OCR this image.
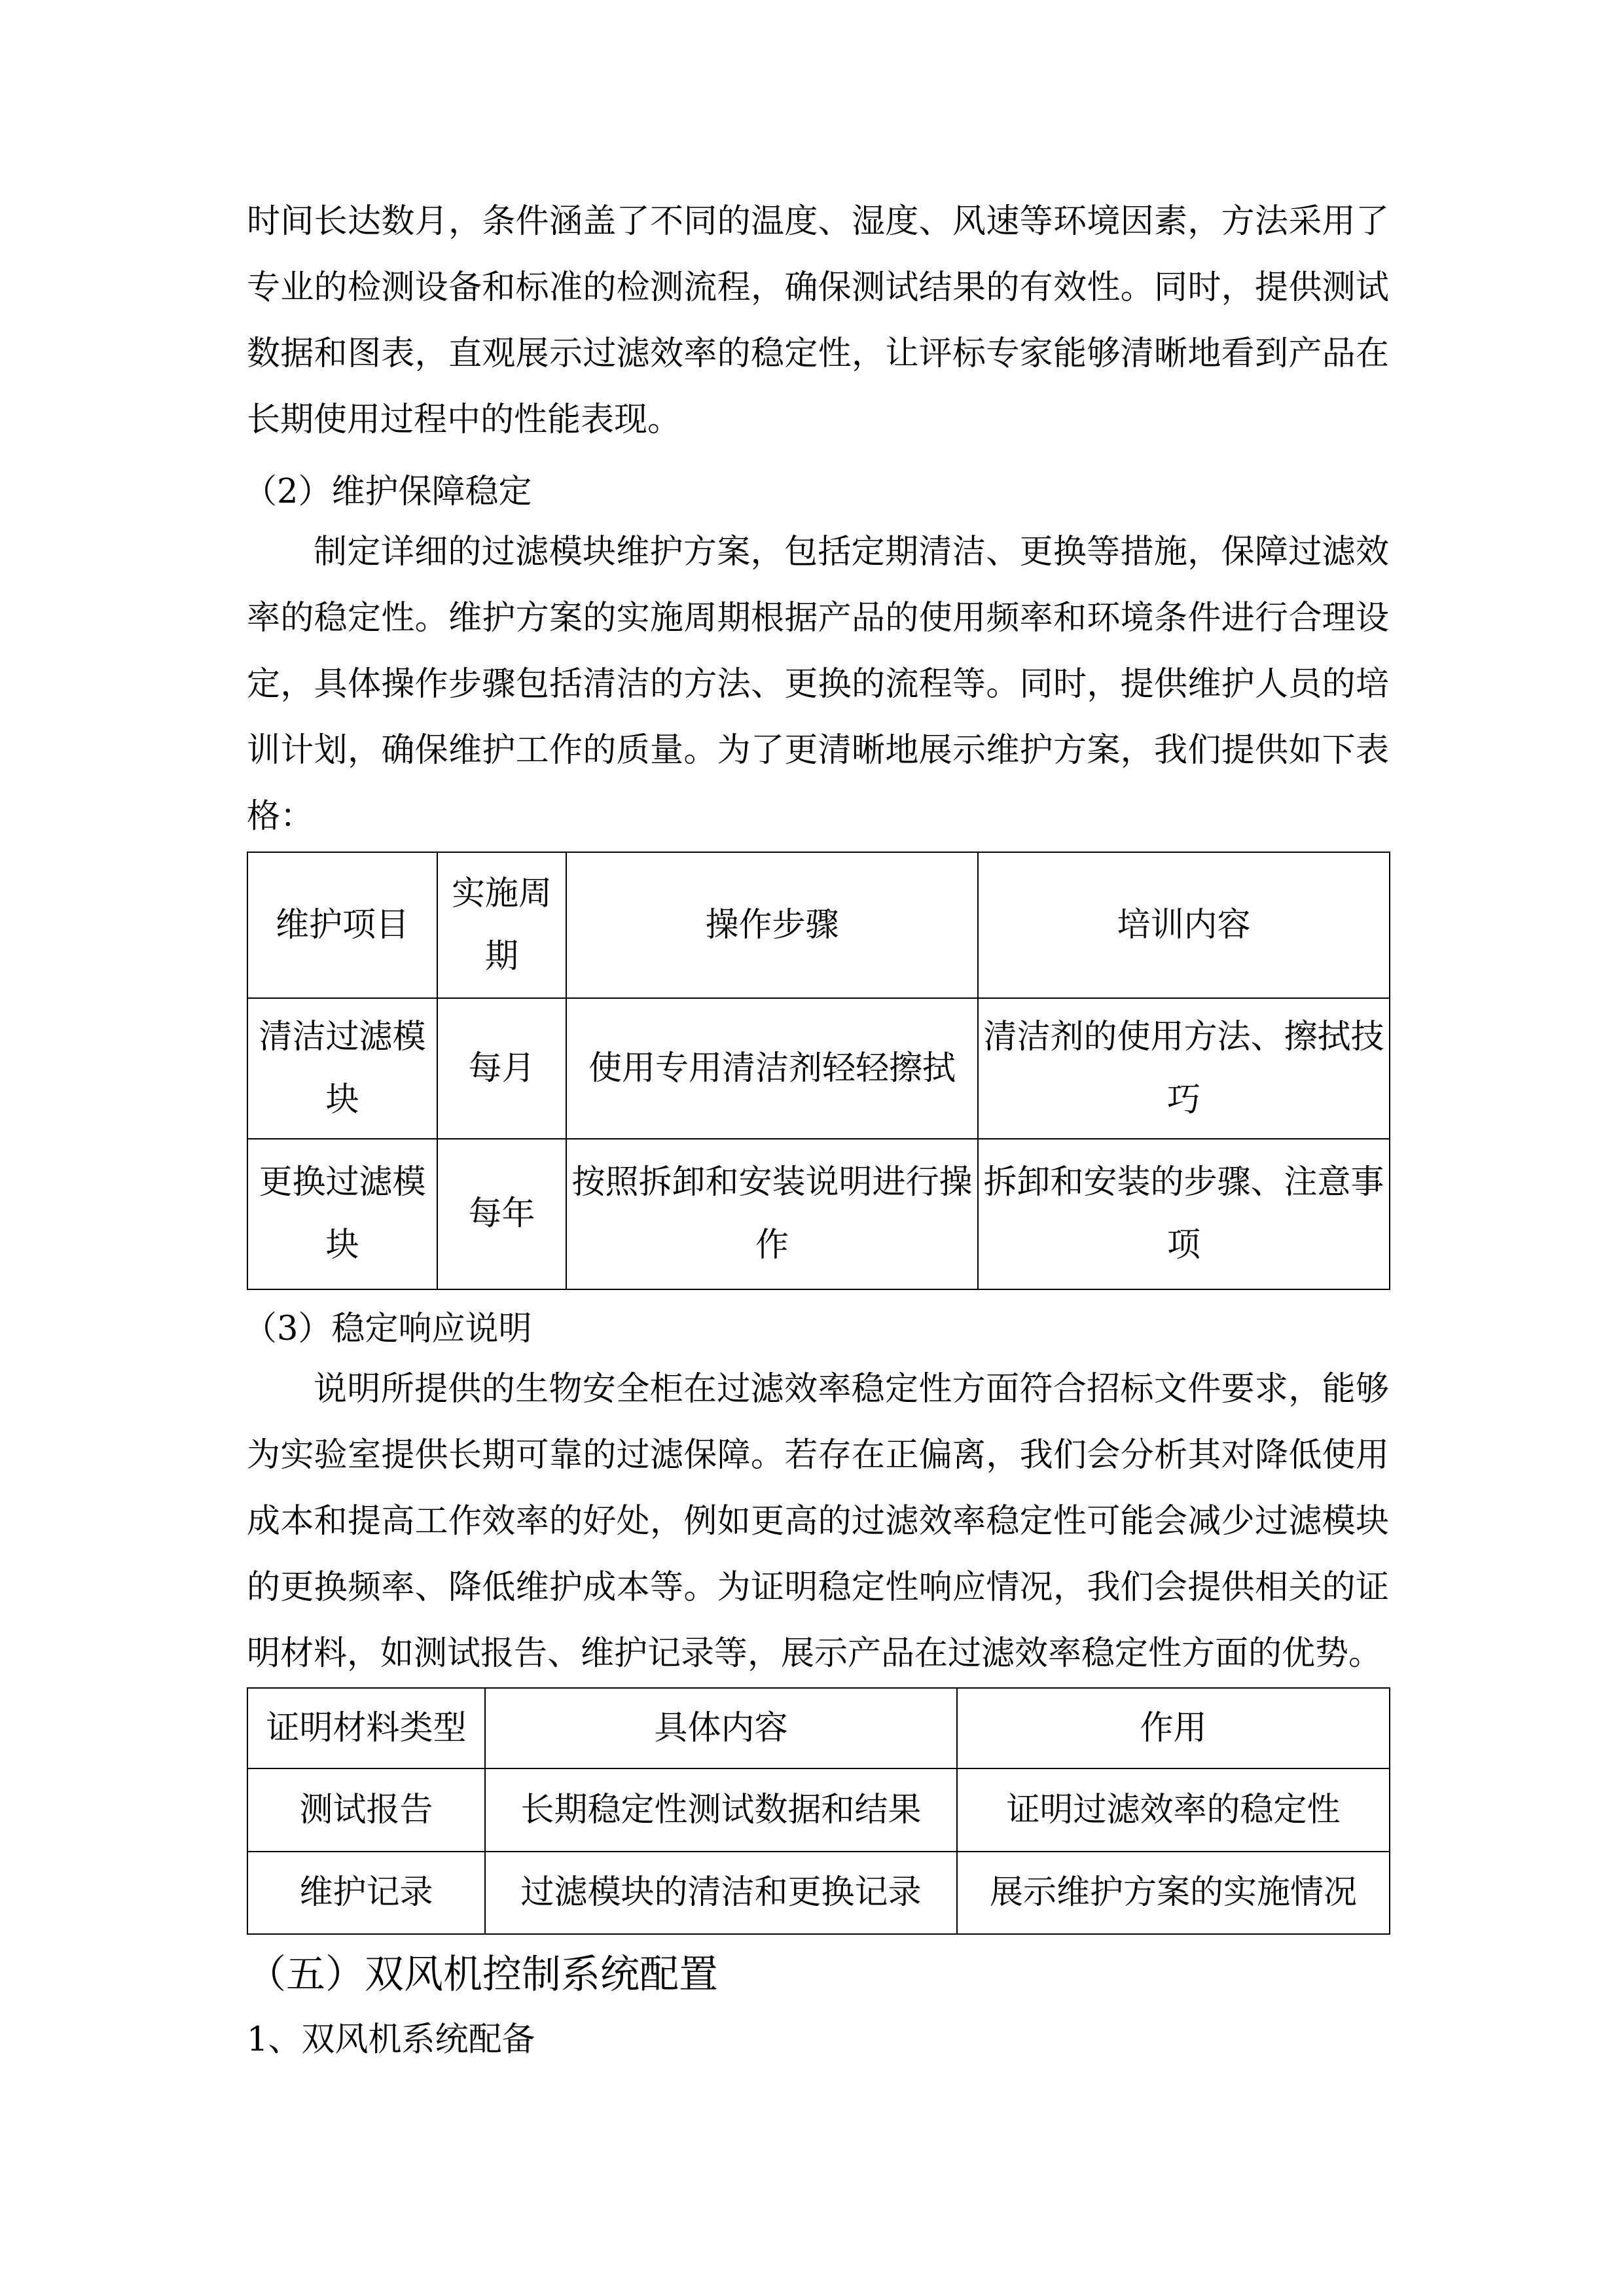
时间长达数月，条件涵盖了不同的温度、湿度、风速等环境因素，方法采用了专业的检测设备和标准的检测流程，确保测试结果的有效性。同时，提供测试数据和图表，直观展示过滤效率的稳定性，让评标专家能够清晰地看到产品在长期使用过程中的性能表现。
（2）维护保障稳定
制定详细的过滤模块维护方案，包括定期清洁、更换等措施，保障过滤效率的稳定性。维护方案的实施周期根据产品的使用频率和环境条件进行合理设定，具体操作步骤包括清洁的方法、更换的流程等。同时，提供维护人员的培训计划，确保维护工作的质量。为了更清晰地展示维护方案，我们提供如下表格：
维护项目	实施周期	操作步骤	培训内容
清洁过滤模块	每月	使用专用清洁剂轻轻擦拭	清洁剂的使用方法、擦拭技巧
更换过滤模块	每年	按照拆卸和安装说明进行操作	拆卸和安装的步骤、注意事项
（3）稳定响应说明
说明所提供的生物安全柜在过滤效率稳定性方面符合招标文件要求，能够为实验室提供长期可靠的过滤保障。若存在正偏离，我们会分析其对降低使用成本和提高工作效率的好处，例如更高的过滤效率稳定性可能会减少过滤模块的更换频率、降低维护成本等。为证明稳定性响应情况，我们会提供相关的证明材料，如测试报告、维护记录等，展示产品在过滤效率稳定性方面的优势。
证明材料类型	具体内容	作用
测试报告	长期稳定性测试数据和结果	证明过滤效率的稳定性
维护记录	过滤模块的清洁和更换记录	展示维护方案的实施情况
（五）双风机控制系统配置
1、双风机系统配备
